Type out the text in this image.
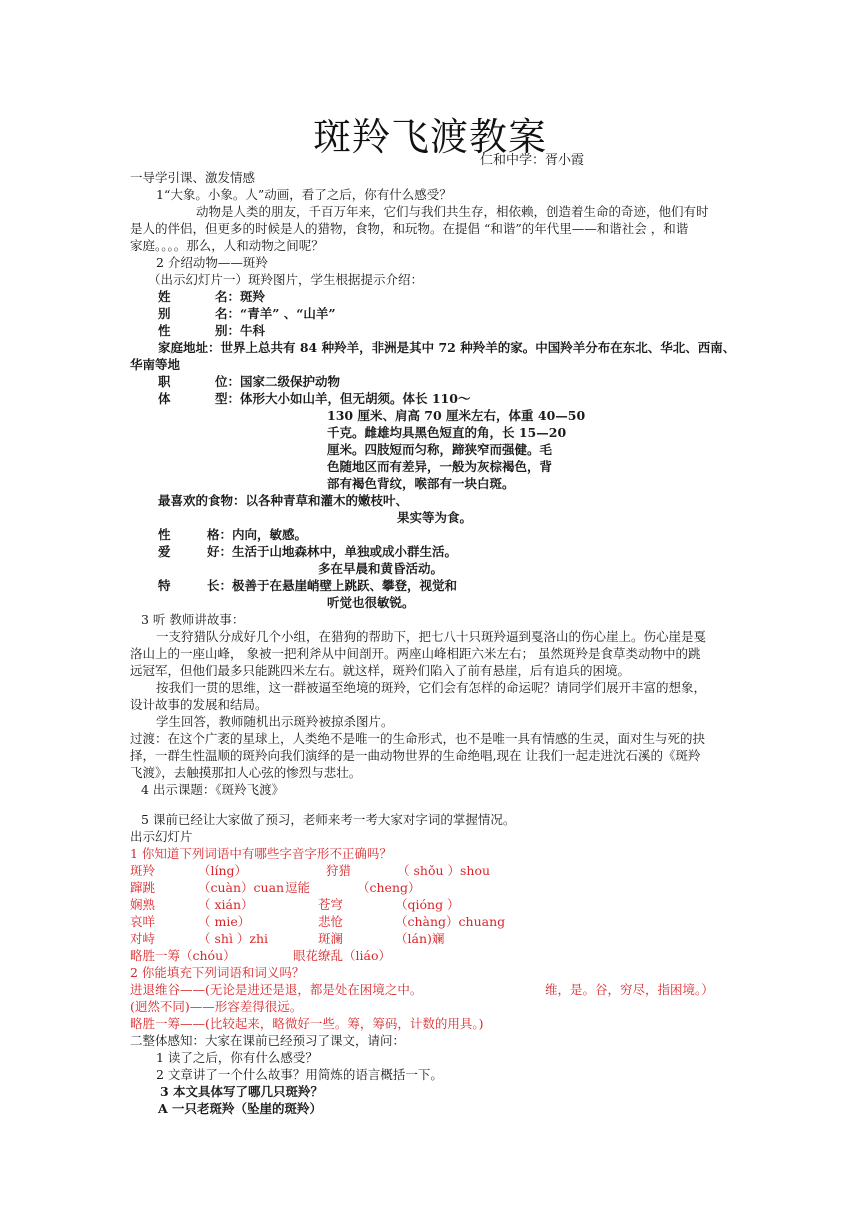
斑羚飞渡教案
仁和中学：胥小霞
一导学引课、激发情感
1“大象。小象。人”动画，看了之后，你有什么感受？
动物是人类的朋友，千百万年来，它们与我们共生存，相依赖，创造着生命的奇迹，他们有时
是人的伴侣，但更多的时候是人的猎物，食物，和玩物。在提倡 “和谐”的年代里——和谐社会 ，和谐
家庭。。。。那么，人和动物之间呢？
2 介绍动物——斑羚
（出示幻灯片一）斑羚图片，学生根据提示介绍：
姓	名：斑羚
别	名：“青羊” 、“山羊”
性	别：牛科
家庭地址：世界上总共有 84 种羚羊，非洲是其中 72 种羚羊的家。中国羚羊分布在东北、华北、西南、
华南等地
职	位：国家二级保护动物
体	型：体形大小如山羊，但无胡须。体长 110～
130 厘米、肩高 70 厘米左右，体重 40—50
千克。雌雄均具黑色短直的角，长 15—20
厘米。四肢短而匀称，蹄狭窄而强健。毛
色随地区而有差异，一般为灰棕褐色，背
部有褐色背纹，喉部有一块白斑。
最喜欢的食物：以各种青草和灌木的嫩枝叶、
果实等为食。
性	格：内向，敏感。
爱	好：生活于山地森林中，单独或成小群生活。
多在早晨和黄昏活动。
特	长：极善于在悬崖峭壁上跳跃、攀登，视觉和
听觉也很敏锐。
3 听 教师讲故事：
一支狩猎队分成好几个小组，在猎狗的帮助下，把七八十只斑羚逼到戛洛山的伤心崖上。伤心崖是戛
洛山上的一座山峰， 象被一把利斧从中间剖开。两座山峰相距六米左右； 虽然斑羚是食草类动物中的跳
远冠军，但他们最多只能跳四米左右。就这样，斑羚们陷入了前有悬崖，后有追兵的困境。
按我们一贯的思维，这一群被逼至绝境的斑羚，它们会有怎样的命运呢？请同学们展开丰富的想象，
设计故事的发展和结局。
学生回答，教师随机出示斑羚被掠杀图片。
过渡：在这个广袤的星球上，人类绝不是唯一的生命形式，也不是唯一具有情感的生灵，面对生与死的抉
择，一群生性温顺的斑羚向我们演绎的是一曲动物世界的生命绝唱,现在 让我们一起走进沈石溪的《斑羚
飞渡》，去触摸那扣人心弦的惨烈与悲壮。
4 出示课题：《斑羚飞渡》
5 课前已经让大家做了预习，老师来考一考大家对字词的掌握情况。
出示幻灯片
1 你知道下列词语中有哪些字音字形不正确吗？
斑羚	（líng）	狩猎	（ shǒu ）shou
蹿跳	（cuàn）cuan 逗能	（cheng）
娴熟	（ xián）	苍穹	（qióng ）
哀咩	（ mie）	悲怆	（chàng）chuang
对峙	（ shì ）zhi	斑澜	（lán)斓
略胜一筹（chóu）	眼花缭乱（liáo）
2 你能填充下列词语和词义吗？
进退维谷——(无论是进还是退，都是处在困境之中。	维，是。谷，穷尽，指困境。）
(迥然不同)——形容差得很远。
略胜一筹——(比较起来，略微好一些。筹，筹码，计数的用具。)
二整体感知：大家在课前已经预习了课文，请问：
1 读了之后，你有什么感受？
2 文章讲了一个什么故事？用简炼的语言概括一下。
3 本文具体写了哪几只斑羚？
A 一只老斑羚（坠崖的斑羚）
